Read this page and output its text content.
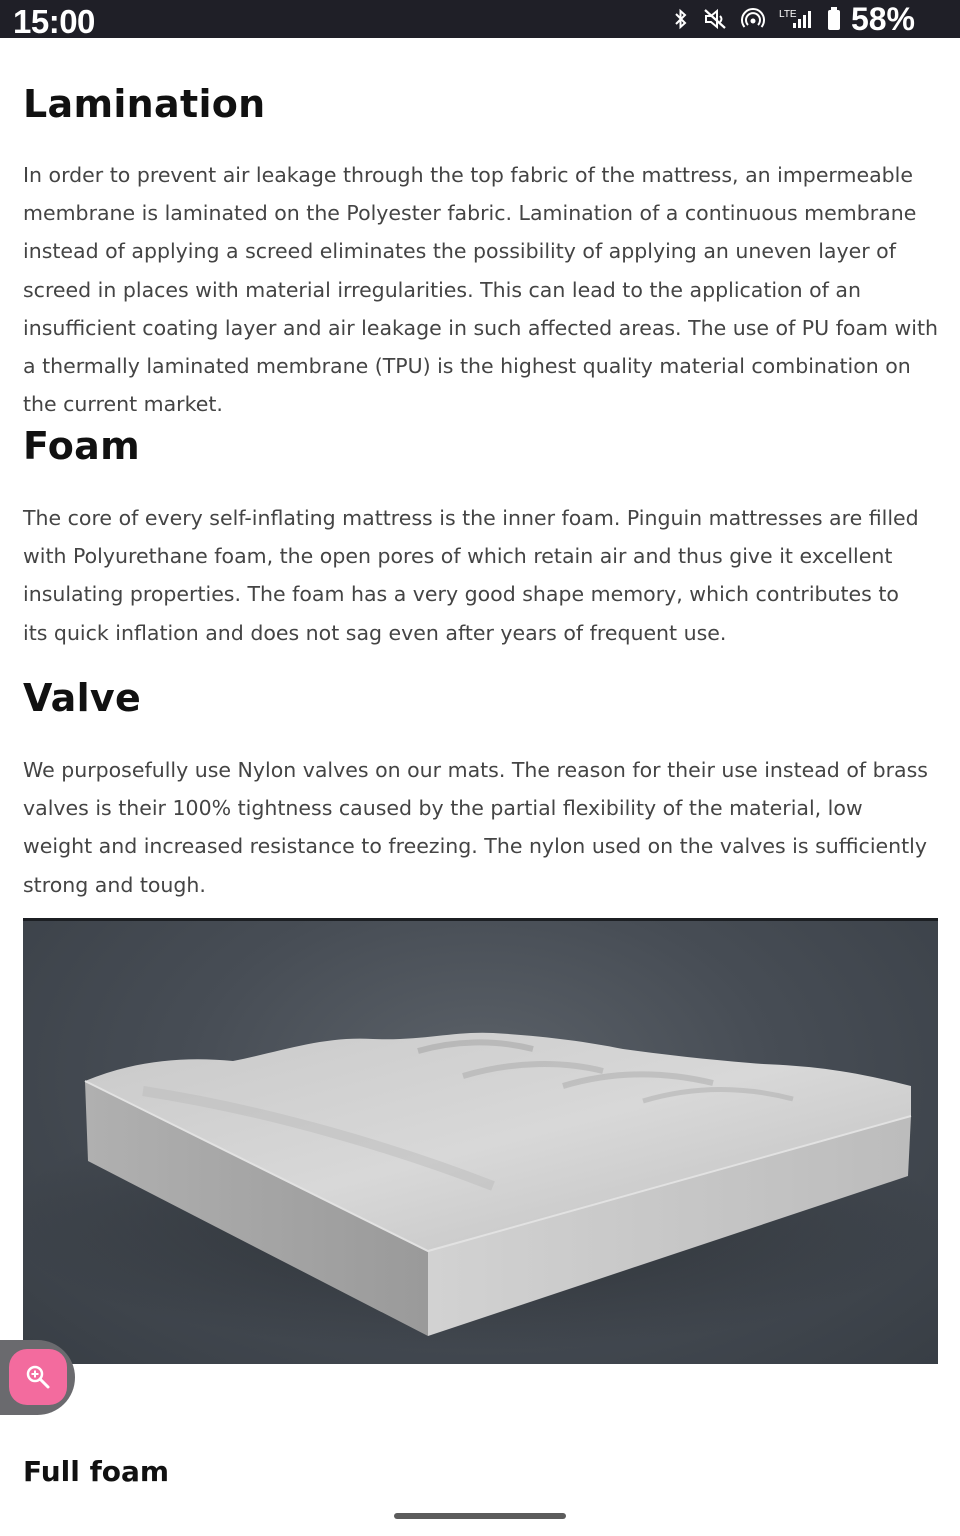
15:00	LTE 58%
Lamination

In order to prevent air leakage through the top fabric of the mattress, an impermeable membrane is laminated on the Polyester fabric. Lamination of a continuous membrane instead of applying a screed eliminates the possibility of applying an uneven layer of screed in places with material irregularities. This can lead to the application of an insufficient coating layer and air leakage in such affected areas. The use of PU foam with a thermally laminated membrane (TPU) is the highest quality material combination on the current market.

Foam

The core of every self-inflating mattress is the inner foam. Pinguin mattresses are filled with Polyurethane foam, the open pores of which retain air and thus give it excellent insulating properties. The foam has a very good shape memory, which contributes to its quick inflation and does not sag even after years of frequent use.

Valve

We purposefully use Nylon valves on our mats. The reason for their use instead of brass valves is their 100% tightness caused by the partial flexibility of the material, low weight and increased resistance to freezing. The nylon used on the valves is sufficiently strong and tough.

Full foam
